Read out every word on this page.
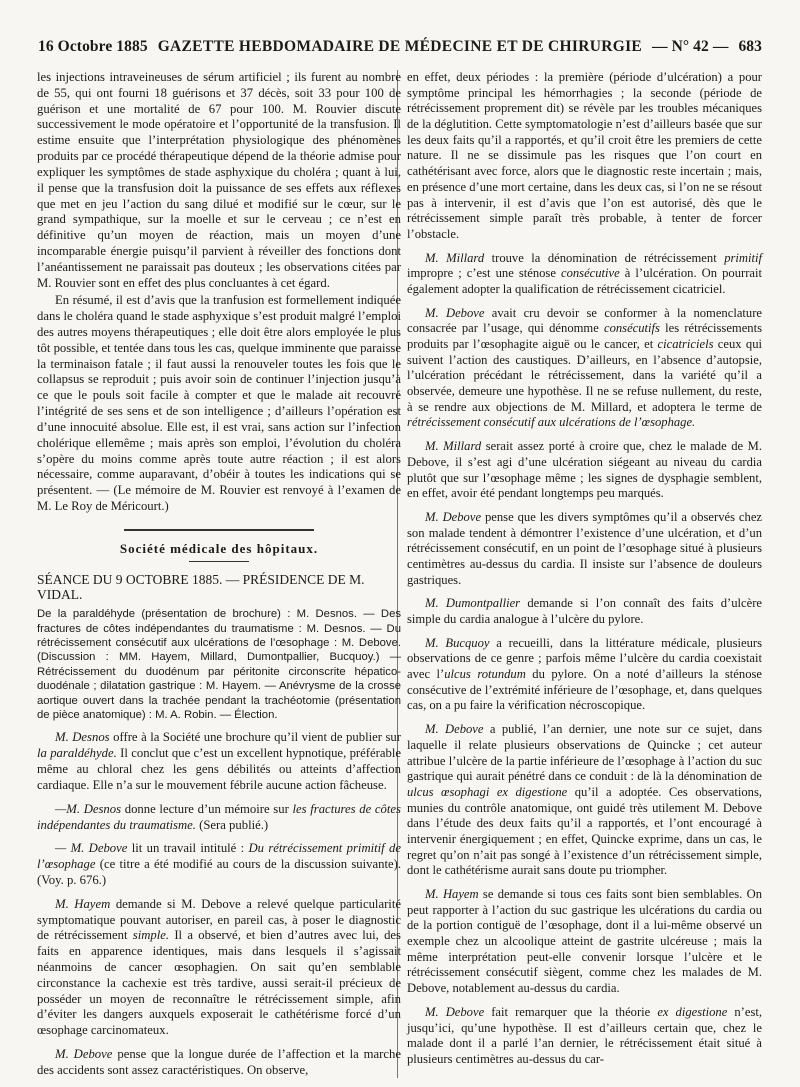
16 Octobre 1885 GAZETTE HEBDOMADAIRE DE MÉDECINE ET DE CHIRURGIE — N° 42 — 683

les injections intraveineuses de sérum artificiel ; ils furent au nombre de 55, qui ont fourni 18 guérisons et 37 décès, soit 33 pour 100 de guérison et une mortalité de 67 pour 100. M. Rouvier discute successivement le mode opératoire et l’opportunité de la transfusion. Il estime ensuite que l’interprétation physiologique des phénomènes produits par ce procédé thérapeutique dépend de la théorie admise pour expliquer les symptômes de stade asphyxique du choléra ; quant à lui, il pense que la transfusion doit la puissance de ses effets aux réflexes que met en jeu l’action du sang dilué et modifié sur le cœur, sur le grand sympathique, sur la moelle et sur le cerveau ; ce n’est en définitive qu’un moyen de réaction, mais un moyen d’une incomparable énergie puisqu’il parvient à réveiller des fonctions dont l’anéantissement ne paraissait pas douteux ; les observations citées par M. Rouvier sont en effet des plus concluantes à cet égard.

En résumé, il est d’avis que la tranfusion est formellement indiquée dans le choléra quand le stade asphyxique s’est produit malgré l’emploi des autres moyens thérapeutiques ; elle doit être alors employée le plus tôt possible, et tentée dans tous les cas, quelque imminente que paraisse la terminaison fatale ; il faut aussi la renouveler toutes les fois que le collapsus se reproduit ; puis avoir soin de continuer l’injection jusqu’à ce que le pouls soit facile à compter et que le malade ait recouvré l’intégrité de ses sens et de son intelligence ; d’ailleurs l’opération est d’une innocuité absolue. Elle est, il est vrai, sans action sur l’infection cholérique ellemême ; mais après son emploi, l’évolution du choléra s’opère du moins comme après toute autre réaction ; il est alors nécessaire, comme auparavant, d’obéir à toutes les indications qui se présentent. — (Le mémoire de M. Rouvier est renvoyé à l’examen de M. Le Roy de Méricourt.)

Société médicale des hôpitaux.

SÉANCE DU 9 OCTOBRE 1885. — PRÉSIDENCE DE M. VIDAL.

De la paraldéhyde (présentation de brochure) : M. Desnos. — Des fractures de côtes indépendantes du traumatisme : M. Desnos. — Du rétrécissement consécutif aux ulcérations de l’œsophage : M. Debove. (Discussion : MM. Hayem, Millard, Dumontpallier, Bucquoy.) — Rétrécissement du duodénum par péritonite circonscrite hépatico-duodénale ; dilatation gastrique : M. Hayem. — Anévrysme de la crosse aortique ouvert dans la trachée pendant la trachéotomie (présentation de pièce anatomique) : M. A. Robin. — Élection.

M. Desnos offre à la Société une brochure qu’il vient de publier sur la paraldéhyde. Il conclut que c’est un excellent hypnotique, préférable même au chloral chez les gens débilités ou atteints d’affection cardiaque. Elle n’a sur le mouvement fébrile aucune action fâcheuse.

—M. Desnos donne lecture d’un mémoire sur les fractures de côtes indépendantes du traumatisme. (Sera publié.)

— M. Debove lit un travail intitulé : Du rétrécissement primitif de l’œsophage (ce titre a été modifié au cours de la discussion suivante). (Voy. p. 676.)

M. Hayem demande si M. Debove a relevé quelque particularité symptomatique pouvant autoriser, en pareil cas, à poser le diagnostic de rétrécissement simple. Il a observé, et bien d’autres avec lui, des faits en apparence identiques, mais dans lesquels il s’agissait néanmoins de cancer œsophagien. On sait qu’en semblable circonstance la cachexie est très tardive, aussi serait-il précieux de posséder un moyen de reconnaître le rétrécissement simple, afin d’éviter les dangers auxquels exposerait le cathétérisme forcé d’un œsophage carcinomateux.

M. Debove pense que la longue durée de l’affection et la marche des accidents sont assez caractéristiques. On observe,

en effet, deux périodes : la première (période d’ulcération) a pour symptôme principal les hémorrhagies ; la seconde (période de rétrécissement proprement dit) se révèle par les troubles mécaniques de la déglutition. Cette symptomatologie n’est d’ailleurs basée que sur les deux faits qu’il a rapportés, et qu’il croit être les premiers de cette nature. Il ne se dissimule pas les risques que l’on court en cathétérisant avec force, alors que le diagnostic reste incertain ; mais, en présence d’une mort certaine, dans les deux cas, si l’on ne se résout pas à intervenir, il est d’avis que l’on est autorisé, dès que le rétrécissement simple paraît très probable, à tenter de forcer l’obstacle.

M. Millard trouve la dénomination de rétrécissement primitif impropre ; c’est une sténose consécutive à l’ulcération. On pourrait également adopter la qualification de rétrécissement cicatriciel.

M. Debove avait cru devoir se conformer à la nomenclature consacrée par l’usage, qui dénomme consécutifs les rétrécissements produits par l’œsophagite aiguë ou le cancer, et cicatriciels ceux qui suivent l’action des caustiques. D’ailleurs, en l’absence d’autopsie, l’ulcération précédant le rétrécissement, dans la variété qu’il a observée, demeure une hypothèse. Il ne se refuse nullement, du reste, à se rendre aux objections de M. Millard, et adoptera le terme de rétrécissement consécutif aux ulcérations de l’œsophage.

M. Millard serait assez porté à croire que, chez le malade de M. Debove, il s’est agi d’une ulcération siégeant au niveau du cardia plutôt que sur l’œsophage même ; les signes de dysphagie semblent, en effet, avoir été pendant longtemps peu marqués.

M. Debove pense que les divers symptômes qu’il a observés chez son malade tendent à démontrer l’existence d’une ulcération, et d’un rétrécissement consécutif, en un point de l’œsophage situé à plusieurs centimètres au-dessus du cardia. Il insiste sur l’absence de douleurs gastriques.

M. Dumontpallier demande si l’on connaît des faits d’ulcère simple du cardia analogue à l’ulcère du pylore.

M. Bucquoy a recueilli, dans la littérature médicale, plusieurs observations de ce genre ; parfois même l’ulcère du cardia coexistait avec l’ulcus rotundum du pylore. On a noté d’ailleurs la sténose consécutive de l’extrémité inférieure de l’œsophage, et, dans quelques cas, on a pu faire la vérification nécroscopique.

M. Debove a publié, l’an dernier, une note sur ce sujet, dans laquelle il relate plusieurs observations de Quincke ; cet auteur attribue l’ulcère de la partie inférieure de l’œsophage à l’action du suc gastrique qui aurait pénétré dans ce conduit : de là la dénomination de ulcus œsophagi ex digestione qu’il a adoptée. Ces observations, munies du contrôle anatomique, ont guidé très utilement M. Debove dans l’étude des deux faits qu’il a rapportés, et l’ont encouragé à intervenir énergiquement ; en effet, Quincke exprime, dans un cas, le regret qu’on n’ait pas songé à l’existence d’un rétrécissement simple, dont le cathétérisme aurait sans doute pu triompher.

M. Hayem se demande si tous ces faits sont bien semblables. On peut rapporter à l’action du suc gastrique les ulcérations du cardia ou de la portion contiguë de l’œsophage, dont il a lui-même observé un exemple chez un alcoolique atteint de gastrite ulcéreuse ; mais la même interprétation peut-elle convenir lorsque l’ulcère et le rétrécissement consécutif siègent, comme chez les malades de M. Debove, notablement au-dessus du cardia.

M. Debove fait remarquer que la théorie ex digestione n’est, jusqu’ici, qu’une hypothèse. Il est d’ailleurs certain que, chez le malade dont il a parlé l’an dernier, le rétrécissement était situé à plusieurs centimètres au-dessus du car-
